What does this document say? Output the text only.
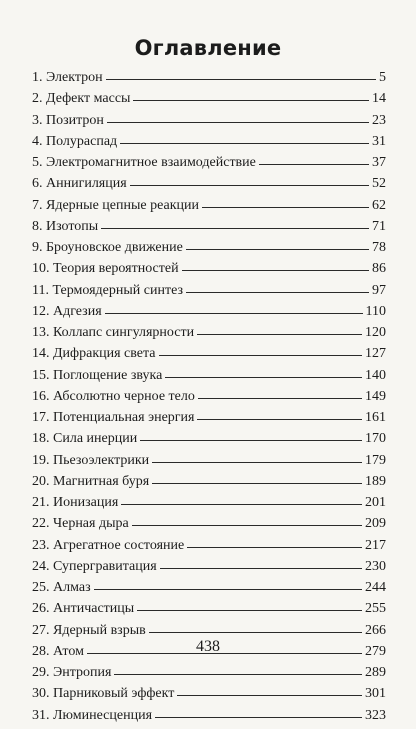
Оглавление
1. Электрон	5
2. Дефект массы	14
3. Позитрон	23
4. Полураспад	31
5. Электромагнитное взаимодействие	37
6. Аннигиляция	52
7. Ядерные цепные реакции	62
8. Изотопы	71
9. Броуновское движение	78
10. Теория вероятностей	86
11. Термоядерный синтез	97
12. Адгезия	110
13. Коллапс сингулярности	120
14. Дифракция света	127
15. Поглощение звука	140
16. Абсолютно черное тело	149
17. Потенциальная энергия	161
18. Сила инерции	170
19. Пьезоэлектрики	179
20. Магнитная буря	189
21. Ионизация	201
22. Черная дыра	209
23. Агрегатное состояние	217
24. Супергравитация	230
25. Алмаз	244
26. Античастицы	255
27. Ядерный взрыв	266
28. Атом	279
29. Энтропия	289
30. Парниковый эффект	301
31. Люминесценция	323
438
